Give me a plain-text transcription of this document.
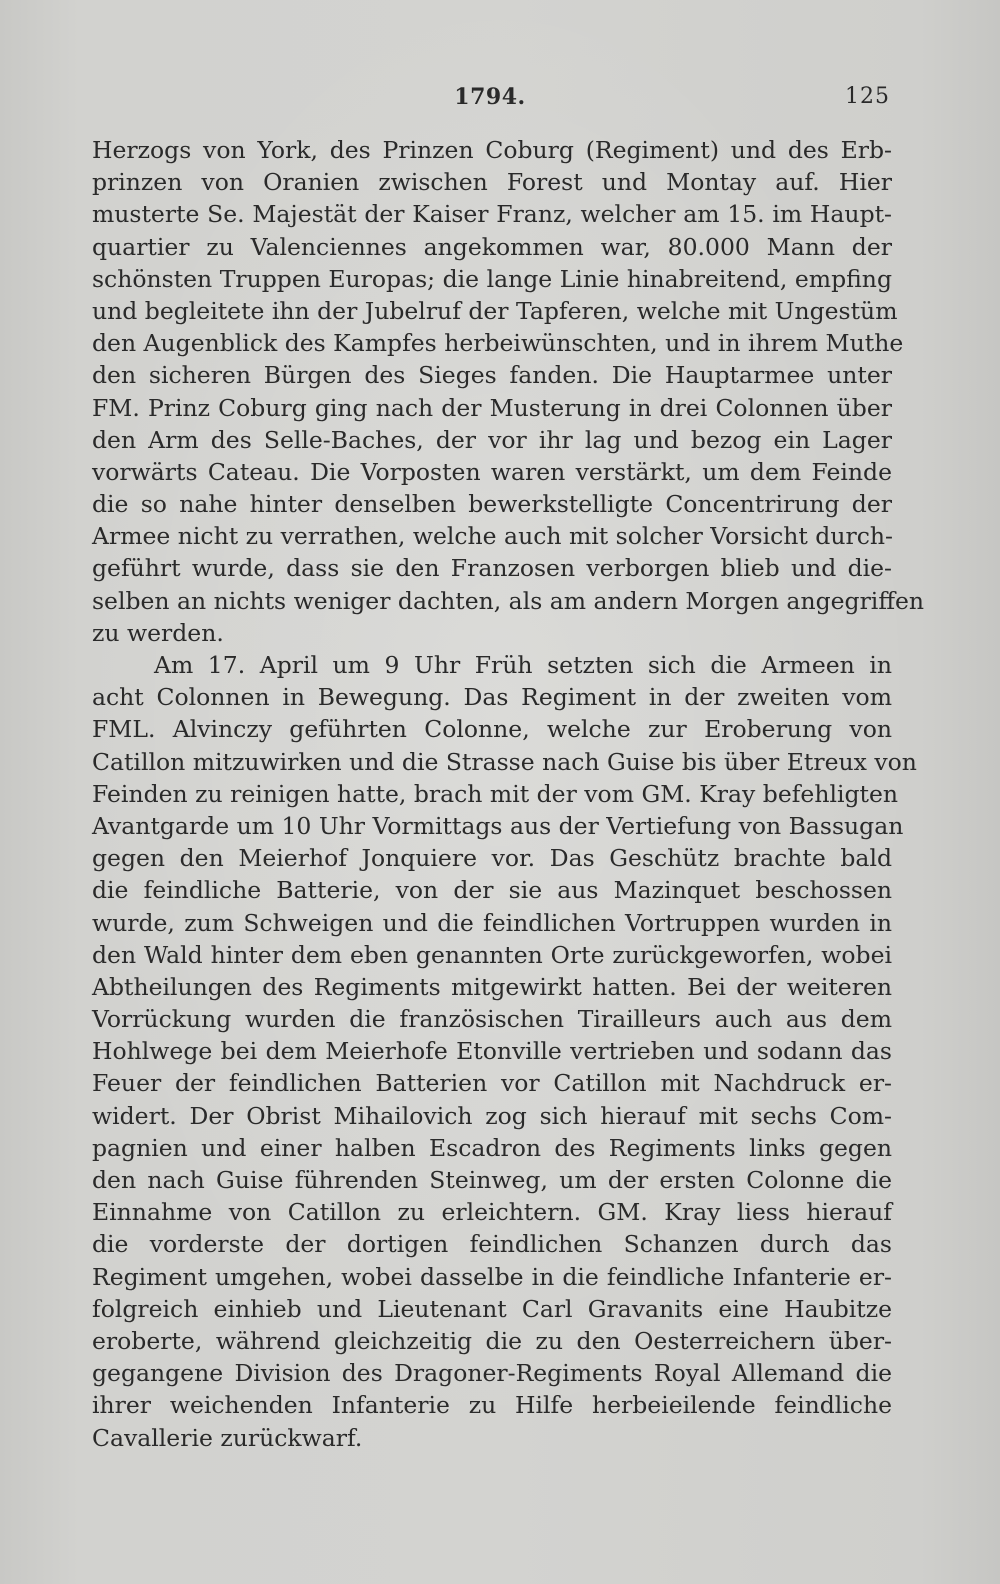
1794.	125
Herzogs von York, des Prinzen Coburg (Regiment) und des Erb-
prinzen von Oranien zwischen Forest und Montay auf. Hier
musterte Se. Majestät der Kaiser Franz, welcher am 15. im Haupt-
quartier zu Valenciennes angekommen war, 80.000 Mann der
schönsten Truppen Europas; die lange Linie hinabreitend, empfing
und begleitete ihn der Jubelruf der Tapferen, welche mit Ungestüm
den Augenblick des Kampfes herbeiwünschten, und in ihrem Muthe
den sicheren Bürgen des Sieges fanden. Die Hauptarmee unter
FM. Prinz Coburg ging nach der Musterung in drei Colonnen über
den Arm des Selle-Baches, der vor ihr lag und bezog ein Lager
vorwärts Cateau. Die Vorposten waren verstärkt, um dem Feinde
die so nahe hinter denselben bewerkstelligte Concentrirung der
Armee nicht zu verrathen, welche auch mit solcher Vorsicht durch-
geführt wurde, dass sie den Franzosen verborgen blieb und die-
selben an nichts weniger dachten, als am andern Morgen angegriffen
zu werden.
Am 17. April um 9 Uhr Früh setzten sich die Armeen in
acht Colonnen in Bewegung. Das Regiment in der zweiten vom
FML. Alvinczy geführten Colonne, welche zur Eroberung von
Catillon mitzuwirken und die Strasse nach Guise bis über Etreux von
Feinden zu reinigen hatte, brach mit der vom GM. Kray befehligten
Avantgarde um 10 Uhr Vormittags aus der Vertiefung von Bassugan
gegen den Meierhof Jonquiere vor. Das Geschütz brachte bald
die feindliche Batterie, von der sie aus Mazinquet beschossen
wurde, zum Schweigen und die feindlichen Vortruppen wurden in
den Wald hinter dem eben genannten Orte zurückgeworfen, wobei
Abtheilungen des Regiments mitgewirkt hatten. Bei der weiteren
Vorrückung wurden die französischen Tirailleurs auch aus dem
Hohlwege bei dem Meierhofe Etonville vertrieben und sodann das
Feuer der feindlichen Batterien vor Catillon mit Nachdruck er-
widert. Der Obrist Mihailovich zog sich hierauf mit sechs Com-
pagnien und einer halben Escadron des Regiments links gegen
den nach Guise führenden Steinweg, um der ersten Colonne die
Einnahme von Catillon zu erleichtern. GM. Kray liess hierauf
die vorderste der dortigen feindlichen Schanzen durch das
Regiment umgehen, wobei dasselbe in die feindliche Infanterie er-
folgreich einhieb und Lieutenant Carl Gravanits eine Haubitze
eroberte, während gleichzeitig die zu den Oesterreichern über-
gegangene Division des Dragoner-Regiments Royal Allemand die
ihrer weichenden Infanterie zu Hilfe herbeieilende feindliche
Cavallerie zurückwarf.
